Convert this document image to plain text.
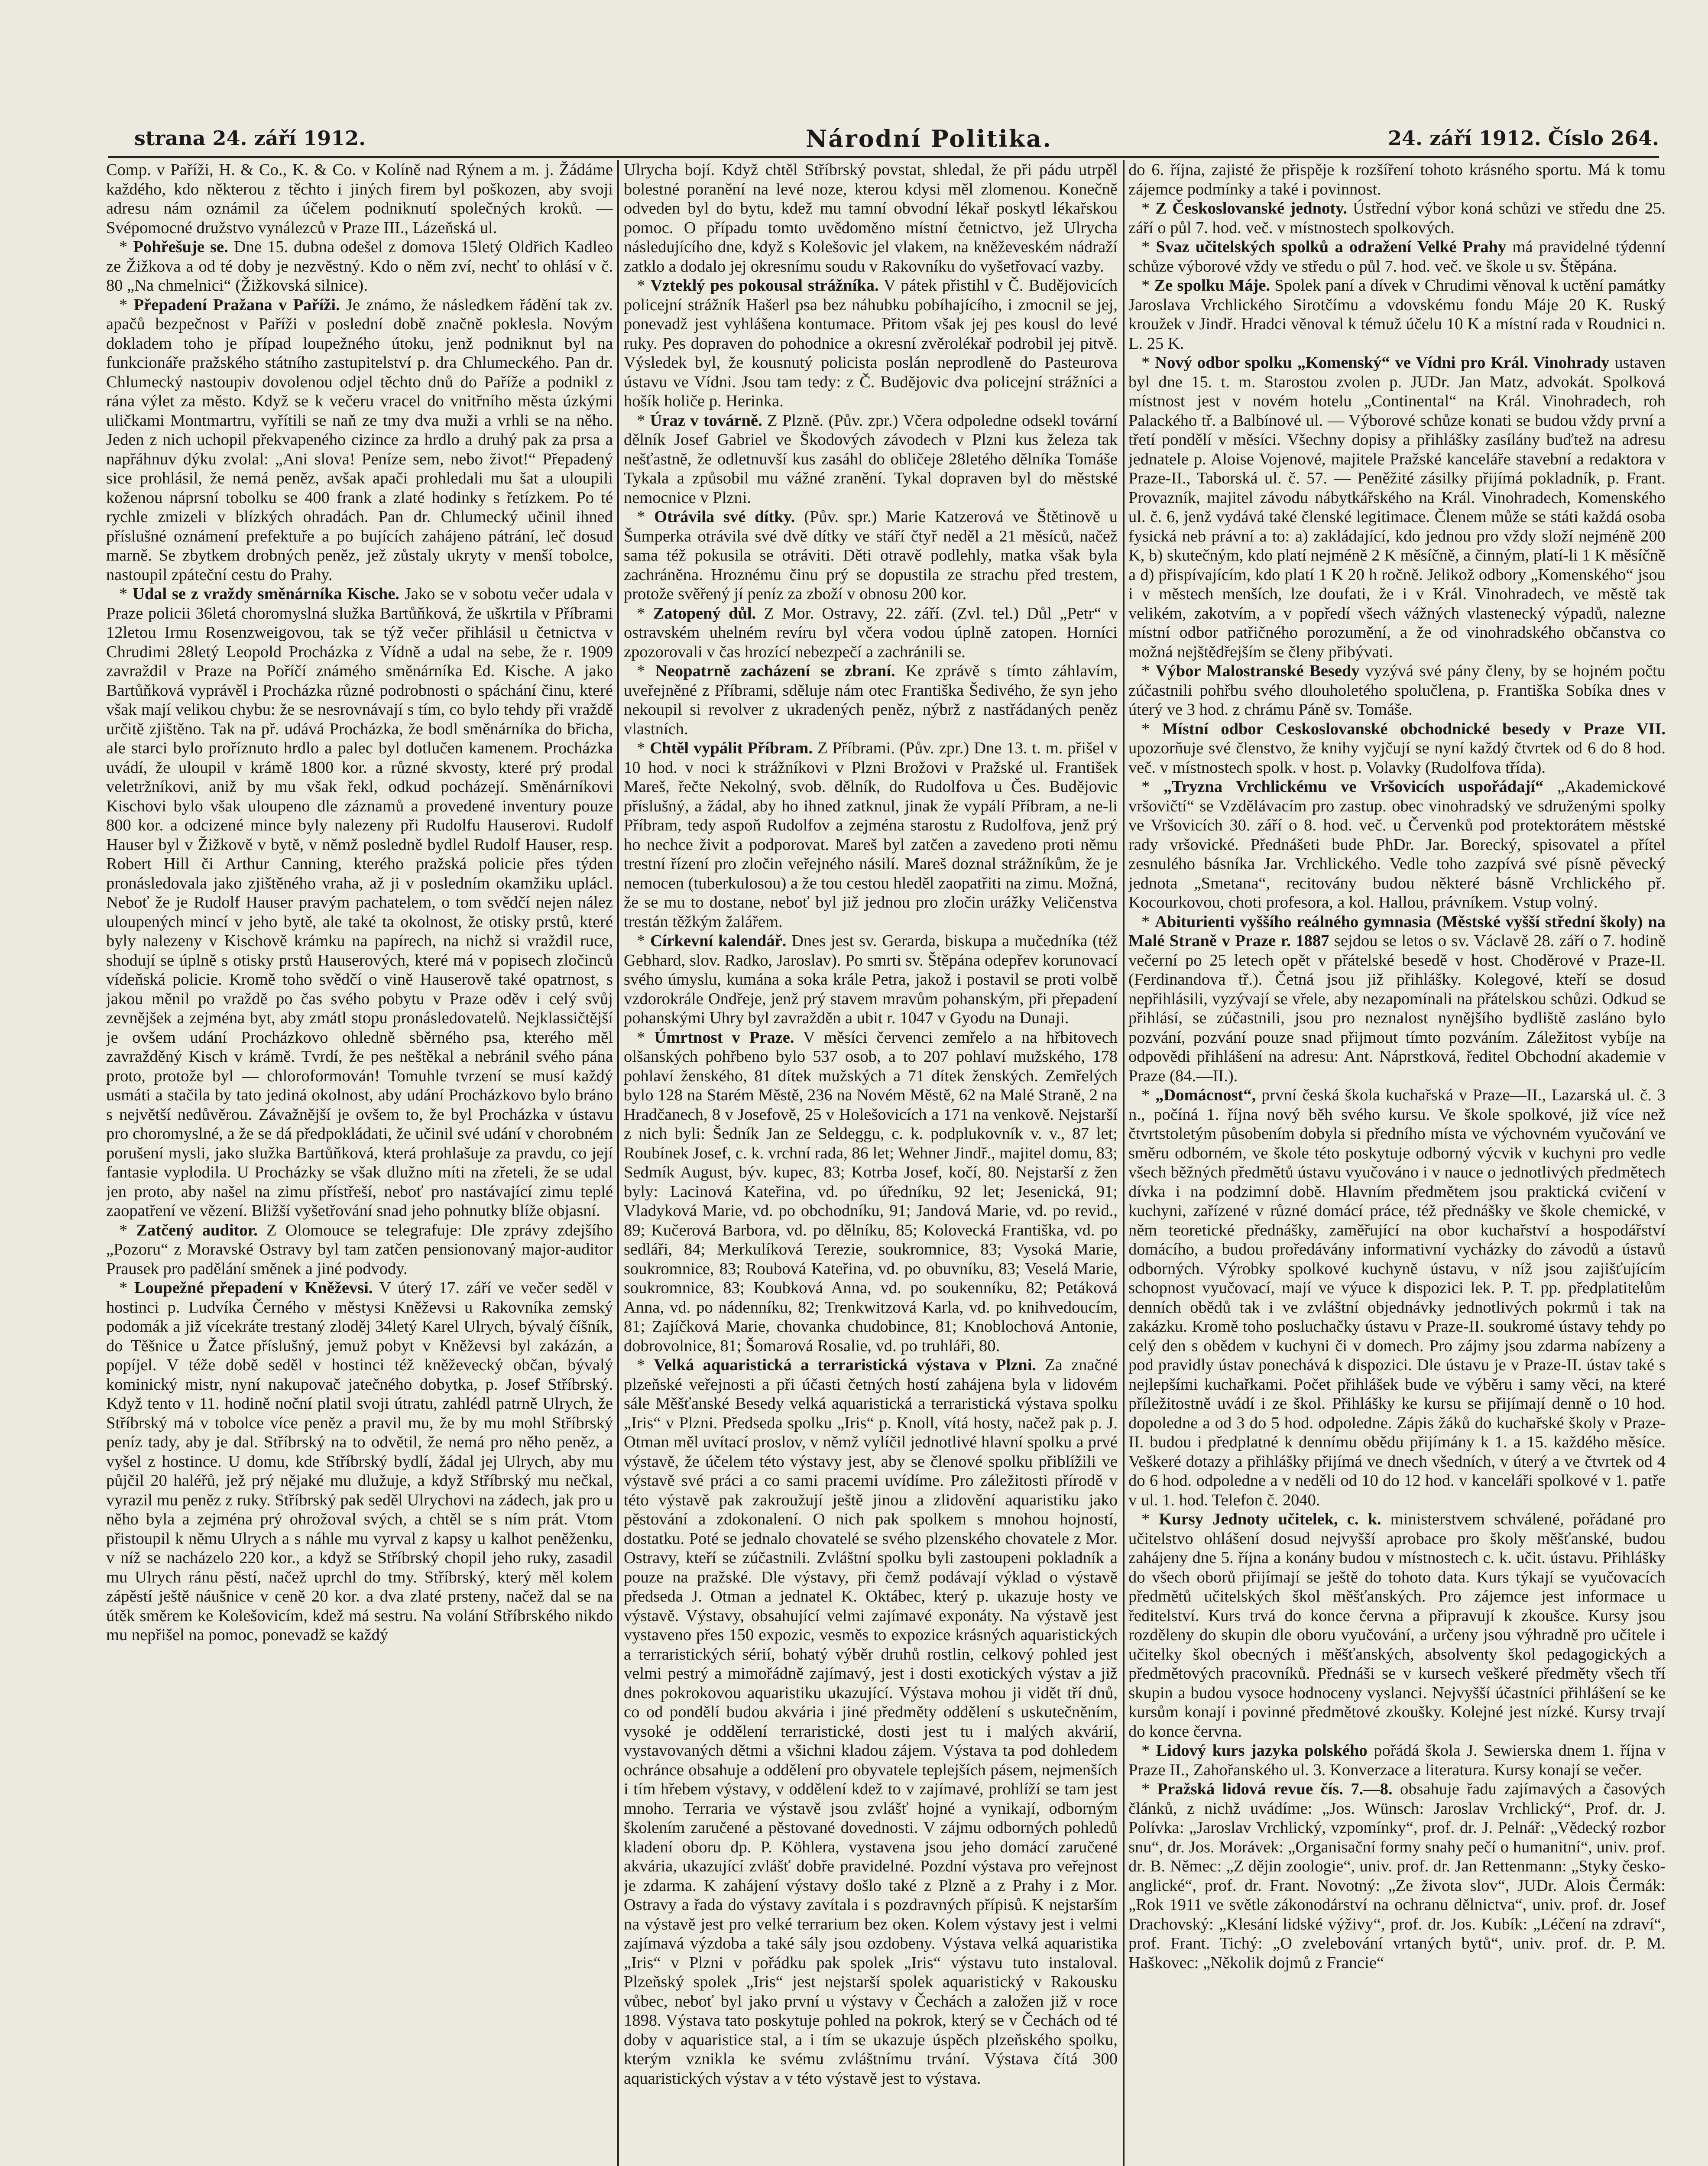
strana 24. září 1912.	Národní Politika.	24. září 1912. Číslo 264.

Comp. v Paříži, H. & Co., K. & Co. v Kolíně nad Rýnem a m. j. Žádáme každého, kdo některou z těchto i jiných firem byl poškozen, aby svoji adresu nám oznámil za účelem podniknutí společných kroků. — Svépomocné družstvo vynálezců v Praze III., Lázeňská ul.

* Pohřešuje se. Dne 15. dubna odešel z domova 15letý Oldřich Kadleo ze Žižkova a od té doby je nezvěstný. Kdo o něm zví, nechť to ohlásí v č. 80 „Na chmelnici“ (Žižkovská silnice).

* Přepadení Pražana v Paříži. Je známo, že následkem řádění tak zv. apačů bezpečnost v Paříži v poslední době značně poklesla. Novým dokladem toho je případ loupežného útoku, jenž podniknut byl na funkcionáře pražského státního zastupitelství p. dra Chlumeckého. Pan dr. Chlumecký nastoupiv dovolenou odjel těchto dnů do Paříže a podnikl z rána výlet za město. Když se k večeru vracel do vnitřního města úzkými uličkami Montmartru, vyřítili se naň ze tmy dva muži a vrhli se na něho. Jeden z nich uchopil překvapeného cizince za hrdlo a druhý pak za prsa a napřáhnuv dýku zvolal: „Ani slova! Peníze sem, nebo život!“ Přepadený sice prohlásil, že nemá peněz, avšak apači prohledali mu šat a uloupili koženou náprsní tobolku se 400 frank a zlaté hodinky s řetízkem. Po té rychle zmizeli v blízkých ohradách. Pan dr. Chlumecký učinil ihned příslušné oznámení prefektuře a po bujících zahájeno pátrání, leč dosud marně. Se zbytkem drobných peněz, jež zůstaly ukryty v menší tobolce, nastoupil zpáteční cestu do Prahy.

* Udal se z vraždy směnárníka Kische. Jako se v sobotu večer udala v Praze policii 36letá choromyslná služka Bartůňková, že uškrtila v Příbrami 12letou Irmu Rosenzweigovou, tak se týž večer přihlásil u četnictva v Chrudimi 28letý Leopold Procházka z Vídně a udal na sebe, že r. 1909 zavraždil v Praze na Poříčí známého směnárníka Ed. Kische. A jako Bartůňková vyprávěl i Procházka různé podrobnosti o spáchání činu, které však mají velikou chybu: že se nesrovnávají s tím, co bylo tehdy při vraždě určitě zjištěno. Tak na př. udává Procházka, že bodl směnárníka do břicha, ale starci bylo proříznuto hrdlo a palec byl dotlučen kamenem. Procházka uvádí, že uloupil v krámě 1800 kor. a různé skvosty, které prý prodal veletržníkovi, aniž by mu však řekl, odkud pocházejí. Směnárníkovi Kischovi bylo však uloupeno dle záznamů a provedené inventury pouze 800 kor. a odcizené mince byly nalezeny při Rudolfu Hauserovi. Rudolf Hauser byl v Žižkově v bytě, v němž posledně bydlel Rudolf Hauser, resp. Robert Hill či Arthur Canning, kterého pražská policie přes týden pronásledovala jako zjištěného vraha, až ji v posledním okamžiku uplácl. Neboť že je Rudolf Hauser pravým pachatelem, o tom svědčí nejen nález uloupených mincí v jeho bytě, ale také ta okolnost, že otisky prstů, které byly nalezeny v Kischově krámku na papírech, na nichž si vraždil ruce, shodují se úplně s otisky prstů Hauserových, které má v popisech zločinců vídeňská policie. Kromě toho svědčí o vině Hauserově také opatrnost, s jakou měnil po vraždě po čas svého pobytu v Praze oděv i celý svůj zevnějšek a zejména byt, aby zmátl stopu pronásledovatelů. Nejklassičtější je ovšem udání Procházkovo ohledně sběrného psa, kterého měl zavražděný Kisch v krámě. Tvrdí, že pes neštěkal a nebránil svého pána proto, protože byl — chloroformován! Tomuhle tvrzení se musí každý usmáti a stačila by tato jediná okolnost, aby udání Procházkovo bylo bráno s největší nedůvěrou. Závažnější je ovšem to, že byl Procházka v ústavu pro choromyslné, a že se dá předpokládati, že učinil své udání v chorobném porušení mysli, jako služka Bartůňková, která prohlašuje za pravdu, co její fantasie vyplodila. U Procházky se však dlužno míti na zřeteli, že se udal jen proto, aby našel na zimu přístřeší, neboť pro nastávající zimu teplé zaopatření ve vězení. Bližší vyšetřování snad jeho pohnutky blíže objasní.

* Zatčený auditor. Z Olomouce se telegrafuje: Dle zprávy zdejšího „Pozoru“ z Moravské Ostravy byl tam zatčen pensionovaný major-auditor Prausek pro padělání směnek a jiné podvody.

* Loupežné přepadení v Kněževsi. V úterý 17. září ve večer seděl v hostinci p. Ludvíka Černého v městysi Kněževsi u Rakovníka zemský podomák a již vícekráte trestaný zloděj 34letý Karel Ulrych, bývalý číšník, do Těšnice u Žatce příslušný, jemuž pobyt v Kněževsi byl zakázán, a popíjel. V téže době seděl v hostinci též kněževecký občan, bývalý kominický mistr, nyní nakupovač jatečného dobytka, p. Josef Stříbrský. Když tento v 11. hodině noční platil svoji útratu, zahlédl patrně Ulrych, že Stříbrský má v tobolce více peněz a pravil mu, že by mu mohl Stříbrský peníz tady, aby je dal. Stříbrský na to odvětil, že nemá pro něho peněz, a vyšel z hostince. U domu, kde Stříbrský bydlí, žádal jej Ulrych, aby mu půjčil 20 haléřů, jež prý nějaké mu dlužuje, a když Stříbrský mu nečkal, vyrazil mu peněz z ruky. Stříbrský pak seděl Ulrychovi na zádech, jak pro u něho byla a zejména prý ohrožoval svých, a chtěl se s ním prát. Vtom přistoupil k němu Ulrych a s náhle mu vyrval z kapsy u kalhot peněženku, v níž se nacházelo 220 kor., a když se Stříbrský chopil jeho ruky, zasadil mu Ulrych ránu pěstí, načež uprchl do tmy. Stříbrský, který měl kolem zápěstí ještě náušnice v ceně 20 kor. a dva zlaté prsteny, načež dal se na útěk směrem ke Kolešovicím, kdež má sestru. Na volání Stříbrského nikdo mu nepřišel na pomoc, ponevadž se každý

Ulrycha bojí. Když chtěl Stříbrský povstat, shledal, že při pádu utrpěl bolestné poranění na levé noze, kterou kdysi měl zlomenou. Konečně odveden byl do bytu, kdež mu tamní obvodní lékař poskytl lékařskou pomoc. O případu tomto uvědoměno místní četnictvo, jež Ulrycha následujícího dne, když s Kolešovic jel vlakem, na kněževeském nádraží zatklo a dodalo jej okresnímu soudu v Rakovníku do vyšetřovací vazby.

* Vzteklý pes pokousal strážníka. V pátek přistihl v Č. Budějovicích policejní strážník Hašerl psa bez náhubku pobíhajícího, i zmocnil se jej, ponevadž jest vyhlášena kontumace. Přitom však jej pes kousl do levé ruky. Pes dopraven do pohodnice a okresní zvěrolékař podrobil jej pitvě. Výsledek byl, že kousnutý policista poslán neprodleně do Pasteurova ústavu ve Vídni. Jsou tam tedy: z Č. Budějovic dva policejní strážníci a hošík holiče p. Herinka.

* Úraz v továrně. Z Plzně. (Pův. zpr.) Včera odpoledne odsekl tovární dělník Josef Gabriel ve Škodových závodech v Plzni kus železa tak nešťastně, že odletnuvší kus zasáhl do obličeje 28letého dělníka Tomáše Tykala a způsobil mu vážné zranění. Tykal dopraven byl do městské nemocnice v Plzni.

* Otrávila své dítky. (Pův. spr.) Marie Katzerová ve Štětinově u Šumperka otrávila své dvě dítky ve stáří čtyř neděl a 21 měsíců, načež sama též pokusila se otráviti. Děti otravě podlehly, matka však byla zachráněna. Hroznému činu prý se dopustila ze strachu před trestem, protože svěřený jí peníz za zboží v obnosu 200 kor.

* Zatopený důl. Z Mor. Ostravy, 22. září. (Zvl. tel.) Důl „Petr“ v ostravském uhelném revíru byl včera vodou úplně zatopen. Horníci zpozorovali v čas hrozící nebezpečí a zachránili se.

* Neopatrně zacházení se zbraní. Ke zprávě s tímto záhlavím, uveřejněné z Příbrami, sděluje nám otec Františka Šedivého, že syn jeho nekoupil si revolver z ukradených peněz, nýbrž z nastřádaných peněz vlastních.

* Chtěl vypálit Příbram. Z Příbrami. (Pův. zpr.) Dne 13. t. m. přišel v 10 hod. v noci k strážníkovi v Plzni Brožovi v Pražské ul. František Mareš, řečte Nekolný, svob. dělník, do Rudolfova u Čes. Budějovic příslušný, a žádal, aby ho ihned zatknul, jinak že vypálí Příbram, a ne-li Příbram, tedy aspoň Rudolfov a zejména starostu z Rudolfova, jenž prý ho nechce živit a podporovat. Mareš byl zatčen a zavedeno proti němu trestní řízení pro zločin veřejného násilí. Mareš doznal strážníkům, že je nemocen (tuberkulosou) a že tou cestou hleděl zaopatřiti na zimu. Možná, že se mu to dostane, neboť byl již jednou pro zločin urážky Veličenstva trestán těžkým žalářem.

* Církevní kalendář. Dnes jest sv. Gerarda, biskupa a mučedníka (též Gebhard, slov. Radko, Jaroslav). Po smrti sv. Štěpána odepřev korunovací svého úmyslu, kumána a soka krále Petra, jakož i postavil se proti volbě vzdorokrále Ondřeje, jenž prý stavem mravům pohanským, při přepadení pohanskými Uhry byl zavražděn a ubit r. 1047 v Gyodu na Dunaji.

* Úmrtnost v Praze. V měsíci červenci zemřelo a na hřbitovech olšanských pohřbeno bylo 537 osob, a to 207 pohlaví mužského, 178 pohlaví ženského, 81 dítek mužských a 71 dítek ženských. Zemřelých bylo 128 na Starém Městě, 236 na Novém Městě, 62 na Malé Straně, 2 na Hradčanech, 8 v Josefově, 25 v Holešovicích a 171 na venkově. Nejstarší z nich byli: Šedník Jan ze Seldeggu, c. k. podplukovník v. v., 87 let; Roubínek Josef, c. k. vrchní rada, 86 let; Wehner Jindř., majitel domu, 83; Sedmík August, býv. kupec, 83; Kotrba Josef, kočí, 80. Nejstarší z žen byly: Lacinová Kateřina, vd. po úředníku, 92 let; Jesenická, 91; Vladyková Marie, vd. po obchodníku, 91; Jandová Marie, vd. po revid., 89; Kučerová Barbora, vd. po dělníku, 85; Kolovecká Františka, vd. po sedláři, 84; Merkulíková Terezie, soukromnice, 83; Vysoká Marie, soukromnice, 83; Roubová Kateřina, vd. po obuvníku, 83; Veselá Marie, soukromnice, 83; Koubková Anna, vd. po soukenníku, 82; Petáková Anna, vd. po nádenníku, 82; Trenkwitzová Karla, vd. po knihvedoucím, 81; Zajíčková Marie, chovanka chudobince, 81; Knoblochová Antonie, dobrovolnice, 81; Šomarová Rosalie, vd. po truhláři, 80.

* Velká aquaristická a terraristická výstava v Plzni. Za značné plzeňské veřejnosti a při účasti četných hostí zahájena byla v lidovém sále Měšťanské Besedy velká aquaristická a terraristická výstava spolku „Iris“ v Plzni. Předseda spolku „Iris“ p. Knoll, vítá hosty, načež pak p. J. Otman měl uvítací proslov, v němž vylíčil jednotlivé hlavní spolku a prvé výstavě, že účelem této výstavy jest, aby se členové spolku přiblížili ve výstavě své práci a co sami pracemi uvídíme. Pro záležitosti přírodě v této výstavě pak zakroužují ještě jinou a zlidovění aquaristiku jako pěstování a zdokonalení. O nich pak spolkem s mnohou hojností, dostatku. Poté se jednalo chovatelé se svého plzenského chovatele z Mor. Ostravy, kteří se zúčastnili. Zvláštní spolku byli zastoupeni pokladník a pouze na pražské. Dle výstavy, při čemž podávají výklad o výstavě předseda J. Otman a jednatel K. Oktábec, který p. ukazuje hosty ve výstavě. Výstavy, obsahující velmi zajímavé exponáty. Na výstavě jest vystaveno přes 150 expozic, vesměs to expozice krásných aquaristických a terraristických sérií, bohatý výběr druhů rostlin, celkový pohled jest velmi pestrý a mimořádně zajímavý, jest i dosti exotických výstav a již dnes pokrokovou aquaristiku ukazující. Výstava mohou ji vidět tří dnů, co od pondělí budou akvária i jiné předměty oddělení s uskutečněním, vysoké je oddělení terraristické, dosti jest tu i malých akvárií, vystavovaných dětmi a všichni kladou zájem. Výstava ta pod dohledem ochránce obsahuje a oddělení pro obyvatele teplejších pásem, nejmenších i tím hřebem výstavy, v oddělení kdež to v zajímavé, prohlíží se tam jest mnoho. Terraria ve výstavě jsou zvlášť hojné a vynikají, odborným školením zaručené a pěstované dovednosti. V zájmu odborných pohledů kladení oboru dp. P. Köhlera, vystavena jsou jeho domácí zaručené akvária, ukazující zvlášť dobře pravidelné. Pozdní výstava pro veřejnost je zdarma. K zahájení výstavy došlo také z Plzně a z Prahy i z Mor. Ostravy a řada do výstavy zavítala i s pozdravných přípisů. K nejstarším na výstavě jest pro velké terrarium bez oken. Kolem výstavy jest i velmi zajímavá výzdoba a také sály jsou ozdobeny. Výstava velká aquaristika „Iris“ v Plzni v pořádku pak spolek „Iris“ výstavu tuto instaloval. Plzeňský spolek „Iris“ jest nejstarší spolek aquaristický v Rakousku vůbec, neboť byl jako první u výstavy v Čechách a založen již v roce 1898. Výstava tato poskytuje pohled na pokrok, který se v Čechách od té doby v aquaristice stal, a i tím se ukazuje úspěch plzeňského spolku, kterým vznikla ke svému zvláštnímu trvání. Výstava čítá 300 aquaristických výstav a v této výstavě jest to výstava.

do 6. října, zajisté že přispěje k rozšíření tohoto krásného sportu. Má k tomu zájemce podmínky a také i povinnost.

* Z Českoslovanské jednoty. Ústřední výbor koná schůzi ve středu dne 25. září o půl 7. hod. več. v místnostech spolkových.

* Svaz učitelských spolků a odražení Velké Prahy má pravidelné týdenní schůze výborové vždy ve středu o půl 7. hod. več. ve škole u sv. Štěpána.

* Ze spolku Máje. Spolek paní a dívek v Chrudimi věnoval k uctění památky Jaroslava Vrchlického Sirotčímu a vdovskému fondu Máje 20 K. Ruský kroužek v Jindř. Hradci věnoval k témuž účelu 10 K a místní rada v Roudnici n. L. 25 K.

* Nový odbor spolku „Komenský“ ve Vídni pro Král. Vinohrady ustaven byl dne 15. t. m. Starostou zvolen p. JUDr. Jan Matz, advokát. Spolková místnost jest v novém hotelu „Continental“ na Král. Vinohradech, roh Palackého tř. a Balbínové ul. — Výborové schůze konati se budou vždy první a třetí pondělí v měsíci. Všechny dopisy a přihlášky zasílány buďtež na adresu jednatele p. Aloise Vojenové, majitele Pražské kanceláře stavební a redaktora v Praze-II., Taborská ul. č. 57. — Peněžité zásilky přijímá pokladník, p. Frant. Provazník, majitel závodu nábytkářského na Král. Vinohradech, Komenského ul. č. 6, jenž vydává také členské legitimace. Členem může se státi každá osoba fysická neb právní a to: a) zakládající, kdo jednou pro vždy složí nejméně 200 K, b) skutečným, kdo platí nejméně 2 K měsíčně, a činným, platí-li 1 K měsíčně a d) přispívajícím, kdo platí 1 K 20 h ročně. Jelikož odbory „Komenského“ jsou i v městech menších, lze doufati, že i v Král. Vinohradech, ve městě tak velikém, zakotvím, a v popředí všech vážných vlastenecký výpadů, nalezne místní odbor patřičného porozumění, a že od vinohradského občanstva co možná nejštědřejším se členy přibývati.

* Výbor Malostranské Besedy vyzývá své pány členy, by se hojném počtu zúčastnili pohřbu svého dlouholetého spolučlena, p. Františka Sobíka dnes v úterý ve 3 hod. z chrámu Páně sv. Tomáše.

* Místní odbor Ceskoslovanské obchodnické besedy v Praze VII. upozorňuje své členstvo, že knihy vyjčují se nyní každý čtvrtek od 6 do 8 hod. več. v místnostech spolk. v host. p. Volavky (Rudolfova třída).

* „Tryzna Vrchlickému ve Vršovicích uspořádají“ „Akademickové vršovičtí“ se Vzdělávacím pro zastup. obec vinohradský ve sdruženými spolky ve Vršovicích 30. září o 8. hod. več. u Červenků pod protektorátem městské rady vršovické. Přednášeti bude PhDr. Jar. Borecký, spisovatel a přítel zesnulého básníka Jar. Vrchlického. Vedle toho zazpívá své písně pěvecký jednota „Smetana“, recitovány budou některé básně Vrchlického př. Kocourkovou, choti profesora, a kol. Hallou, právníkem. Vstup volný.

* Abiturienti vyššího reálného gymnasia (Městské vyšší střední školy) na Malé Straně v Praze r. 1887 sejdou se letos o sv. Václavě 28. září o 7. hodině večerní po 25 letech opět v přátelské besedě v host. Choděrové v Praze-II. (Ferdinandova tř.). Četná jsou již přihlášky. Kolegové, kteří se dosud nepřihlásili, vyzývají se vřele, aby nezapomínali na přátelskou schůzi. Odkud se přihlásí, se zúčastnili, jsou pro neznalost nynějšího bydliště zasláno bylo pozvání, pozvání pouze snad přijmout tímto pozváním. Záležitost vybíje na odpovědi přihlášení na adresu: Ant. Náprstková, ředitel Obchodní akademie v Praze (84.—II.).

* „Domácnost“, první česká škola kuchařská v Praze—II., Lazarská ul. č. 3 n., počíná 1. října nový běh svého kursu. Ve škole spolkové, již více než čtvrtstoletým působením dobyla si předního místa ve výchovném vyučování ve směru odborném, ve škole této poskytuje odborný výcvik v kuchyni pro vedle všech běžných předmětů ústavu vyučováno i v nauce o jednotlivých předmětech dívka i na podzimní době. Hlavním předmětem jsou praktická cvičení v kuchyni, zařízené v různé domácí práce, též přednášky ve škole chemické, v něm teoretické přednášky, zaměřující na obor kuchařství a hospodářství domácího, a budou proředávány informativní vycházky do závodů a ústavů odborných. Výrobky spolkové kuchyně ústavu, v níž jsou zajišťujícím schopnost vyučovací, mají ve výuce k dispozici lek. P. T. pp. předplatitelům denních obědů tak i ve zvláštní objednávky jednotlivých pokrmů i tak na zakázku. Kromě toho posluchačky ústavu v Praze-II. soukromé ústavy tehdy po celý den s obědem v kuchyni či v domech. Pro zájmy jsou zdarma nabízeny a pod pravidly ústav ponechává k dispozici. Dle ústavu je v Praze-II. ústav také s nejlepšími kuchařkami. Počet přihlášek bude ve výběru i samy věci, na které příležitostně uvádí i ze škol. Přihlášky ke kursu se přijímají denně o 10 hod. dopoledne a od 3 do 5 hod. odpoledne. Zápis žáků do kuchařské školy v Praze-II. budou i předplatné k dennímu obědu přijímány k 1. a 15. každého měsíce. Veškeré dotazy a přihlášky přijímá ve dnech všedních, v úterý a ve čtvrtek od 4 do 6 hod. odpoledne a v neděli od 10 do 12 hod. v kanceláři spolkové v 1. patře v ul. 1. hod. Telefon č. 2040.

* Kursy Jednoty učitelek, c. k. ministerstvem schválené, pořádané pro učitelstvo ohlášení dosud nejvyšší aprobace pro školy měšťanské, budou zahájeny dne 5. října a konány budou v místnostech c. k. učit. ústavu. Přihlášky do všech oborů přijímají se ještě do tohoto data. Kurs týkají se vyučovacích předmětů učitelských škol měšťanských. Pro zájemce jest informace u ředitelství. Kurs trvá do konce června a připravují k zkoušce. Kursy jsou rozděleny do skupin dle oboru vyučování, a určeny jsou výhradně pro učitele i učitelky škol obecných i měšťanských, absolventy škol pedagogických a předmětových pracovníků. Přednáši se v kursech veškeré předměty všech tří skupin a budou vysoce hodnoceny vyslanci. Nejvyšší účastníci přihlášení se ke kursům konají i povinné předmětové zkoušky. Kolejné jest nízké. Kursy trvají do konce června.

* Lidový kurs jazyka polského pořádá škola J. Sewierska dnem 1. října v Praze II., Zahořanského ul. 3. Konverzace a literatura. Kursy konají se večer.

* Pražská lidová revue čís. 7.—8. obsahuje řadu zajímavých a časových článků, z nichž uvádíme: „Jos. Wünsch: Jaroslav Vrchlický“, Prof. dr. J. Polívka: „Jaroslav Vrchlický, vzpomínky“, prof. dr. J. Pelnář: „Vědecký rozbor snu“, dr. Jos. Morávek: „Organisační formy snahy pečí o humanitní“, univ. prof. dr. B. Němec: „Z dějin zoologie“, univ. prof. dr. Jan Rettenmann: „Styky česko-anglické“, prof. dr. Frant. Novotný: „Ze života slov“, JUDr. Alois Čermák: „Rok 1911 ve světle zákonodárství na ochranu dělnictva“, univ. prof. dr. Josef Drachovský: „Klesání lidské výživy“, prof. dr. Jos. Kubík: „Léčení na zdraví“, prof. Frant. Tichý: „O zvelebování vrtaných bytů“, univ. prof. dr. P. M. Haškovec: „Několik dojmů z Francie“
